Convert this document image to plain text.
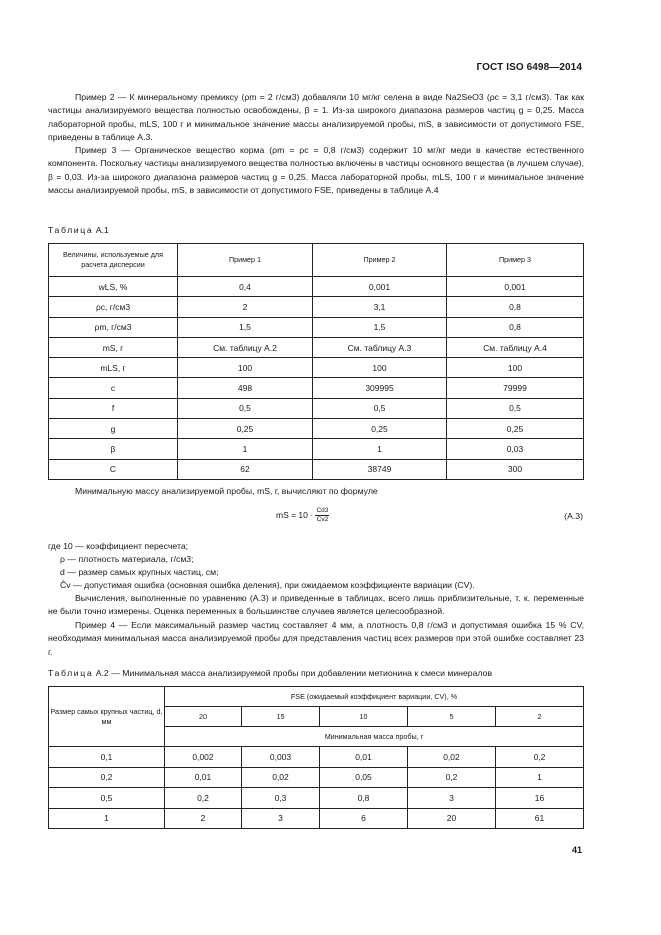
ГОСТ ISO 6498—2014
Пример 2 — К минеральному премиксу (ρm = 2 г/см3) добавляли 10 мг/кг селена в виде Na2SeO3 (ρc = 3,1 г/см3). Так как частицы анализируемого вещества полностью освобождены, β = 1. Из-за широкого диапазона размеров частиц g = 0,25. Масса лабораторной пробы, mLS, 100 г и минимальное значение массы анализируемой пробы, mS, в зависимости от допустимого FSE, приведены в таблице А.3.
Пример 3 — Органическое вещество корма (ρm = ρc = 0,8 г/см3) содержит 10 мг/кг меди в качестве естественного компонента. Поскольку частицы анализируемого вещества полностью включены в частицы основного вещества (в лучшем случае), β = 0,03. Из-за широкого диапазона размеров частиц g = 0,25. Масса лабораторной пробы, mLS, 100 г и минимальное значение массы анализируемой пробы, mS, в зависимости от допустимого FSE, приведены в таблице А.4
Таблица А.1
Величины, используемые для расчета дисперсии	Пример 1	Пример 2	Пример 3
wLS, %	0,4	0,001	0,001
ρc, г/см3	2	3,1	0,8
ρm, г/см3	1,5	1,5	0,8
mS, г	См. таблицу А.2	См. таблицу А.3	См. таблицу А.4
mLS, г	100	100	100
c	498	309995	79999
f	0,5	0,5	0,5
g	0,25	0,25	0,25
β	1	1	0,03
C	62	38749	300
Минимальную массу анализируемой пробы, mS, г, вычисляют по формуле
mS = $10 \cdot \frac{Cd3}{Cv2}$	(А.3)
где 10 — коэффициент пересчета;
ρ — плотность материала, г/см3;
d — размер самых крупных частиц, см;
Ĉv — допустимая ошибка (основная ошибка деления), при ожидаемом коэффициенте вариации (CV).
Вычисления, выполненные по уравнению (А.3) и приведенные в таблицах, всего лишь приблизительные, т. к. переменные не были точно измерены. Оценка переменных в большинстве случаев является целесообразной.
Пример 4 — Если максимальный размер частиц составляет 4 мм, а плотность 0,8 г/см3 и допустимая ошибка 15 % CV, необходимая минимальная масса анализируемой пробы для представления частиц всех размеров при этой ошибке составляет 23 г.
Таблица А.2 — Минимальная масса анализируемой пробы при добавлении метионина к смеси минералов
Размер самых крупных частиц, d, мм	FSE (ожидаемый коэффициент вариации, CV), %				
	20	15	10	5	2
	Минимальная масса пробы, г				
0,1	0,002	0,003	0,01	0,02	0,2
0,2	0,01	0,02	0,05	0,2	1
0,5	0,2	0,3	0,8	3	16
1	2	3	6	20	61
41
